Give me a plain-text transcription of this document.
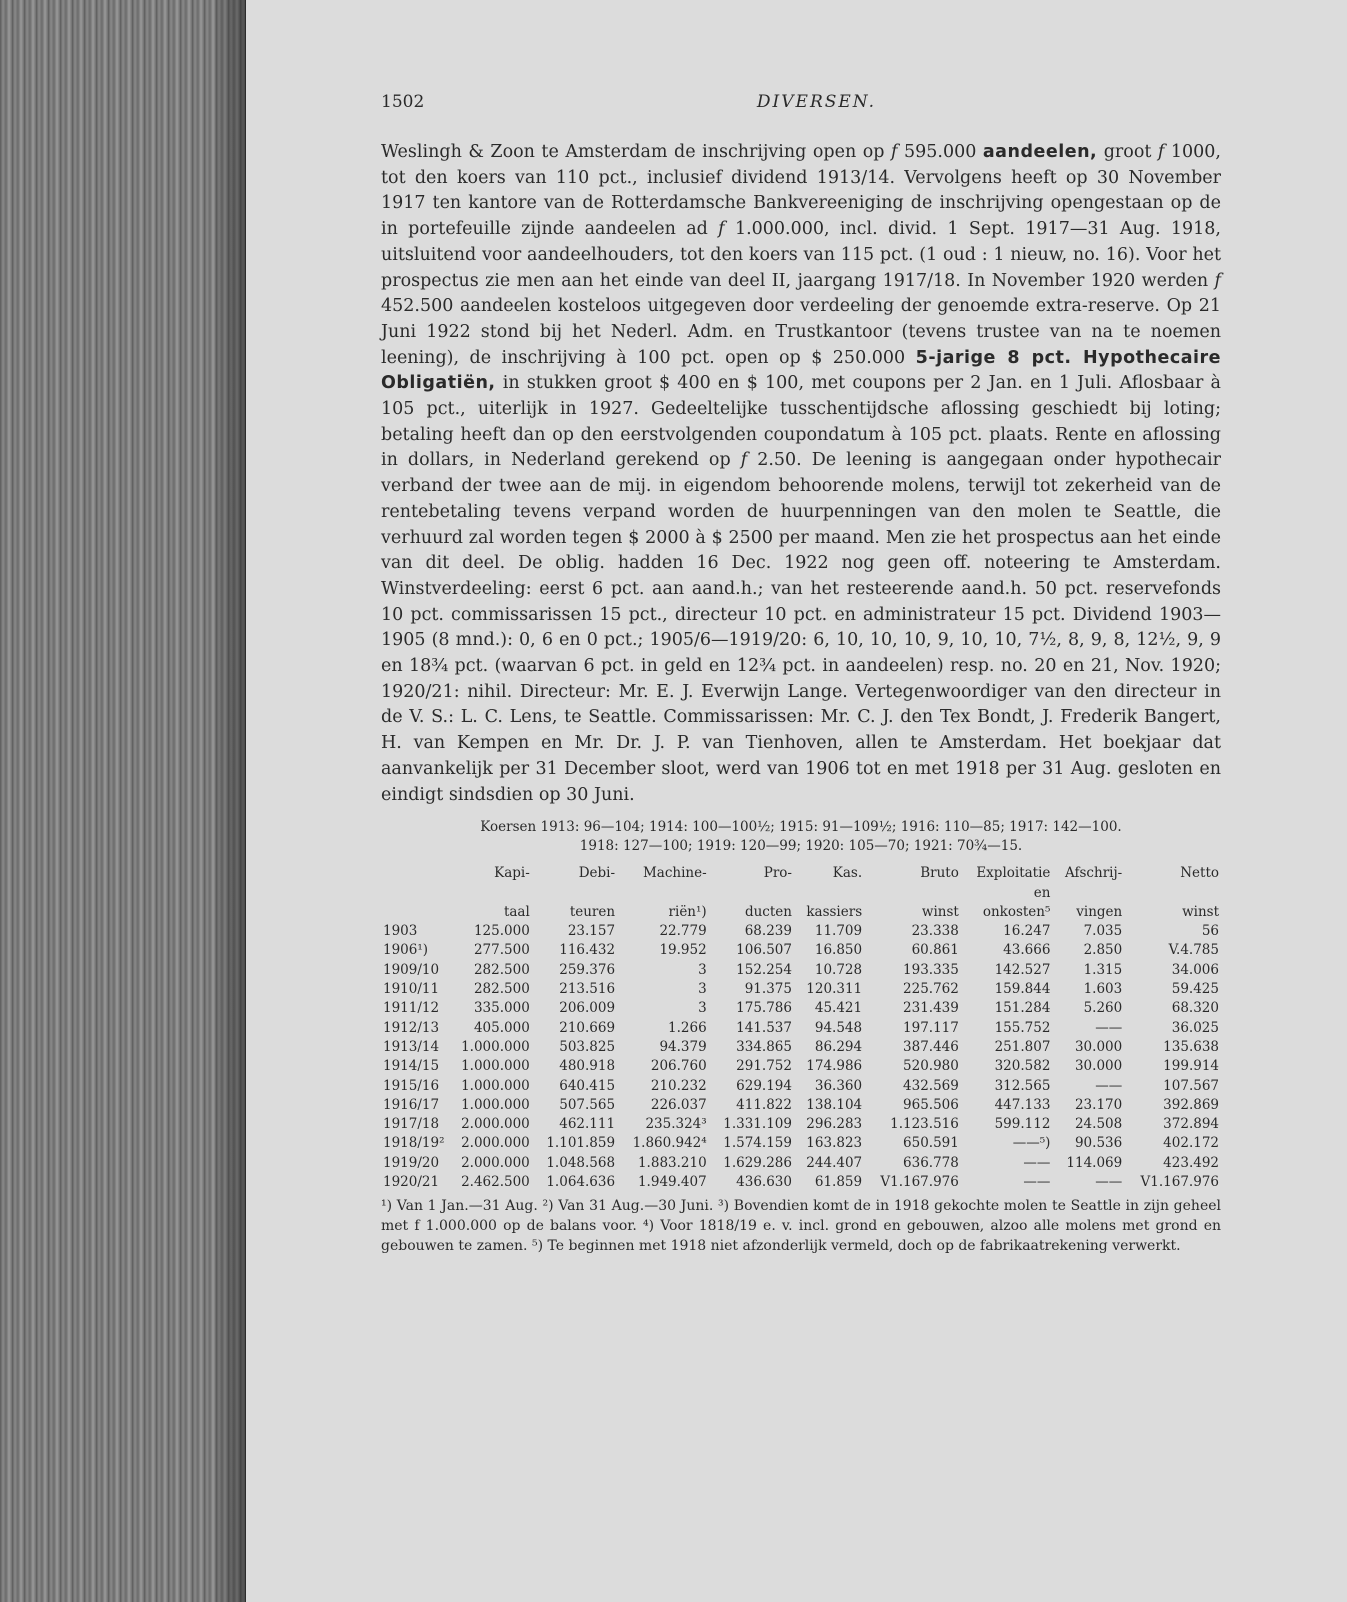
1502	DIVERSEN.
Weslingh & Zoon te Amsterdam de inschrijving open op f 595.000 aandeelen, groot f 1000, tot den koers van 110 pct., inclusief dividend 1913/14. Vervolgens heeft op 30 November 1917 ten kantore van de Rotterdamsche Bankvereeniging de inschrijving opengestaan op de in portefeuille zijnde aandeelen ad f 1.000.000, incl. divid. 1 Sept. 1917—31 Aug. 1918, uitsluitend voor aandeelhouders, tot den koers van 115 pct. (1 oud : 1 nieuw, no. 16). Voor het prospectus zie men aan het einde van deel II, jaargang 1917/18. In November 1920 werden f 452.500 aandeelen kosteloos uitgegeven door verdeeling der genoemde extra-reserve. Op 21 Juni 1922 stond bij het Nederl. Adm. en Trustkantoor (tevens trustee van na te noemen leening), de inschrijving à 100 pct. open op $ 250.000 5-jarige 8 pct. Hypothecaire Obligatiën, in stukken groot $ 400 en $ 100, met coupons per 2 Jan. en 1 Juli. Aflosbaar à 105 pct., uiterlijk in 1927. Gedeeltelijke tusschentijdsche aflossing geschiedt bij loting; betaling heeft dan op den eerstvolgenden coupondatum à 105 pct. plaats. Rente en aflossing in dollars, in Nederland gerekend op f 2.50. De leening is aangegaan onder hypothecair verband der twee aan de mij. in eigendom behoorende molens, terwijl tot zekerheid van de rentebetaling tevens verpand worden de huurpenningen van den molen te Seattle, die verhuurd zal worden tegen $ 2000 à $ 2500 per maand. Men zie het prospectus aan het einde van dit deel. De oblig. hadden 16 Dec. 1922 nog geen off. noteering te Amsterdam. Winstverdeeling: eerst 6 pct. aan aand.h.; van het resteerende aand.h. 50 pct. reservefonds 10 pct. commissarissen 15 pct., directeur 10 pct. en administrateur 15 pct. Dividend 1903—1905 (8 mnd.): 0, 6 en 0 pct.; 1905/6—1919/20: 6, 10, 10, 10, 9, 10, 10, 7½, 8, 9, 8, 12½, 9, 9 en 18¾ pct. (waarvan 6 pct. in geld en 12¾ pct. in aandeelen) resp. no. 20 en 21, Nov. 1920; 1920/21: nihil. Directeur: Mr. E. J. Everwijn Lange. Vertegenwoordiger van den directeur in de V. S.: L. C. Lens, te Seattle. Commissarissen: Mr. C. J. den Tex Bondt, J. Frederik Bangert, H. van Kempen en Mr. Dr. J. P. van Tienhoven, allen te Amsterdam. Het boekjaar dat aanvankelijk per 31 December sloot, werd van 1906 tot en met 1918 per 31 Aug. gesloten en eindigt sindsdien op 30 Juni.
Koersen 1913: 96—104; 1914: 100—100½; 1915: 91—109½; 1916: 110—85; 1917: 142—100.
1918: 127—100; 1919: 120—99; 1920: 105—70; 1921: 70¾—15.
	Kapi-	Debi-	Machine-	Pro-	Kas.	Bruto	Exploitatie	Afschrij-	Netto
							en		
	taal	teuren	riën¹)	ducten	kassiers	winst	onkosten⁵	vingen	winst
1903	125.000	23.157	22.779	68.239	11.709	23.338	16.247	7.035	56
1906¹)	277.500	116.432	19.952	106.507	16.850	60.861	43.666	2.850	V.4.785
1909/10	282.500	259.376	3	152.254	10.728	193.335	142.527	1.315	34.006
1910/11	282.500	213.516	3	91.375	120.311	225.762	159.844	1.603	59.425
1911/12	335.000	206.009	3	175.786	45.421	231.439	151.284	5.260	68.320
1912/13	405.000	210.669	1.266	141.537	94.548	197.117	155.752	——	36.025
1913/14	1.000.000	503.825	94.379	334.865	86.294	387.446	251.807	30.000	135.638
1914/15	1.000.000	480.918	206.760	291.752	174.986	520.980	320.582	30.000	199.914
1915/16	1.000.000	640.415	210.232	629.194	36.360	432.569	312.565	——	107.567
1916/17	1.000.000	507.565	226.037	411.822	138.104	965.506	447.133	23.170	392.869
1917/18	2.000.000	462.111	235.324³	1.331.109	296.283	1.123.516	599.112	24.508	372.894
1918/19²	2.000.000	1.101.859	1.860.942⁴	1.574.159	163.823	650.591	——⁵)	90.536	402.172
1919/20	2.000.000	1.048.568	1.883.210	1.629.286	244.407	636.778	——	114.069	423.492
1920/21	2.462.500	1.064.636	1.949.407	436.630	61.859	V1.167.976	——	——	V1.167.976
¹) Van 1 Jan.—31 Aug. ²) Van 31 Aug.—30 Juni. ³) Bovendien komt de in 1918 gekochte molen te Seattle in zijn geheel met f 1.000.000 op de balans voor. ⁴) Voor 1818/19 e. v. incl. grond en gebouwen, alzoo alle molens met grond en gebouwen te zamen. ⁵) Te beginnen met 1918 niet afzonderlijk vermeld, doch op de fabrikaatrekening verwerkt.
